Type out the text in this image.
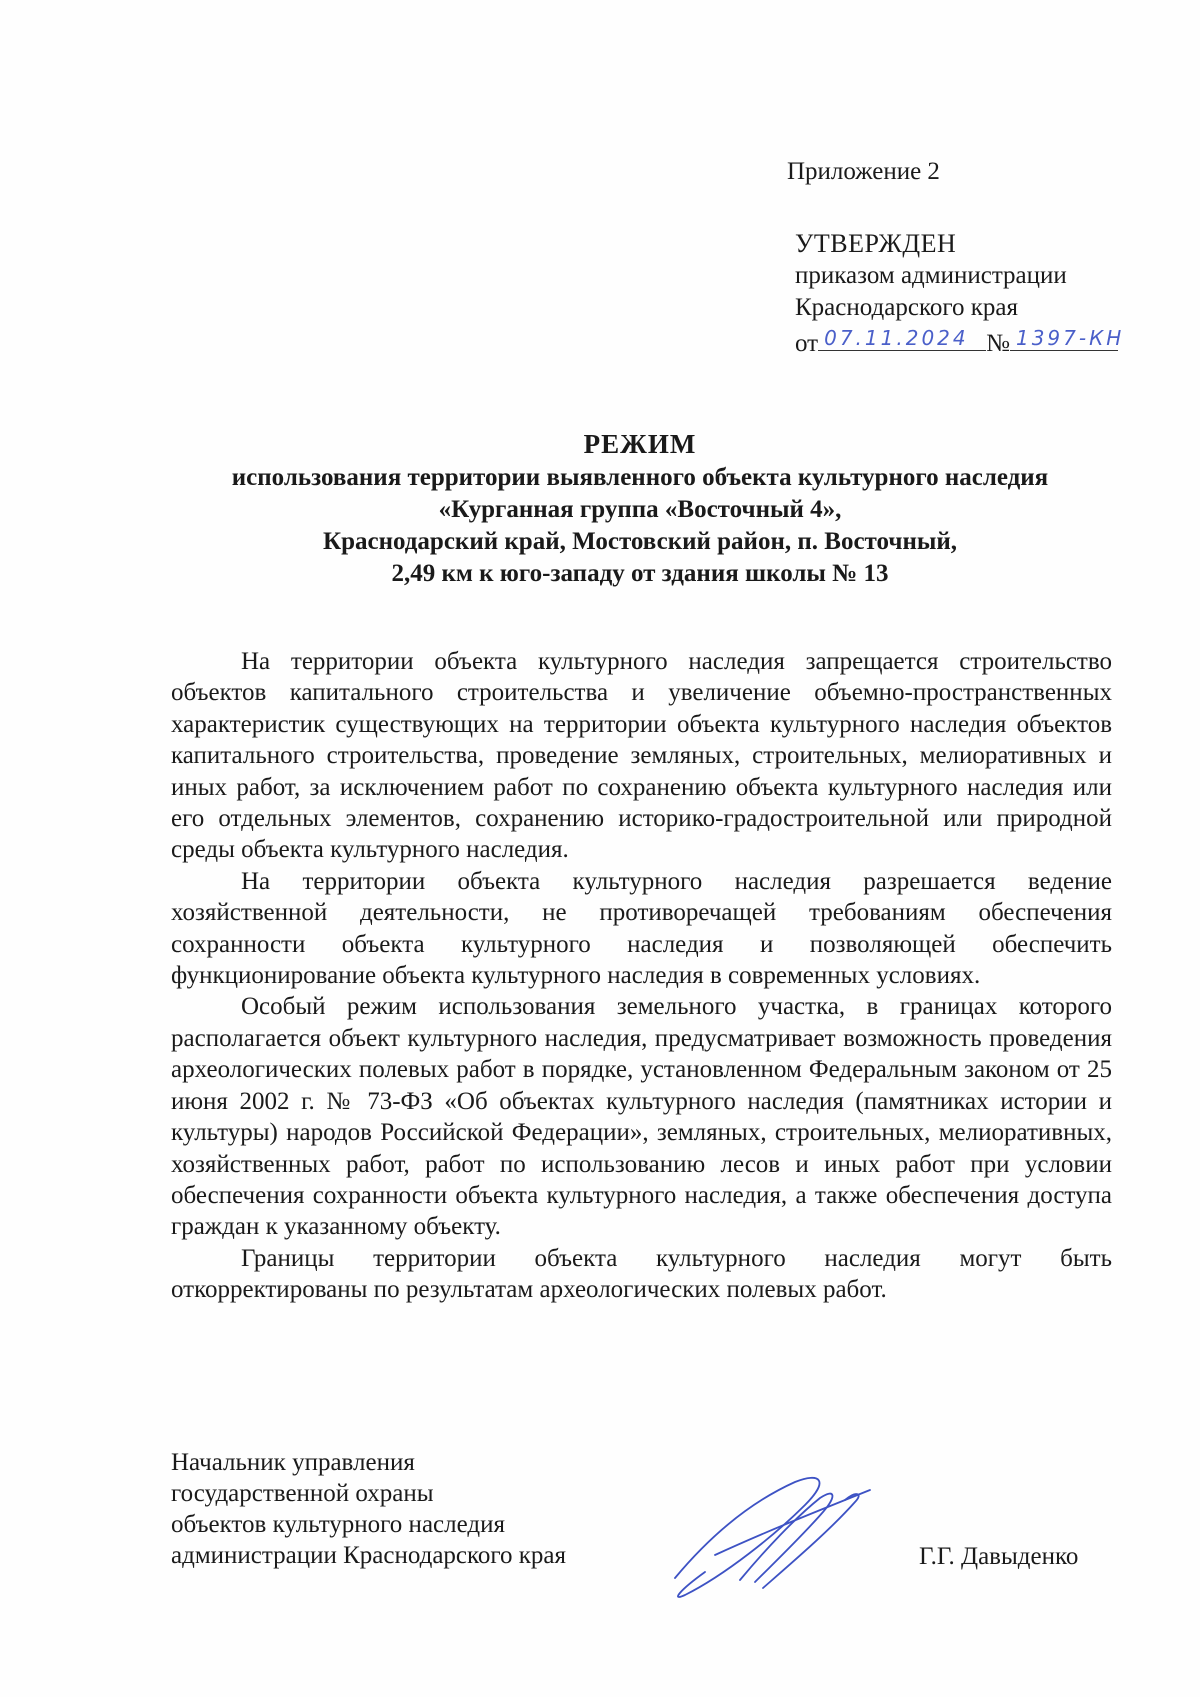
Приложение 2
УТВЕРЖДЕН
приказом администрации
Краснодарского края
от 07.11.2024 № 1397-КН
РЕЖИМ
использования территории выявленного объекта культурного наследия
«Курганная группа «Восточный 4»,
Краснодарский край, Мостовский район, п. Восточный,
2,49 км к юго-западу от здания школы № 13

На территории объекта культурного наследия запрещается строительство объектов капитального строительства и увеличение объемно-пространственных характеристик существующих на территории объекта культурного наследия объектов капитального строительства, проведение земляных, строительных, мелиоративных и иных работ, за исключением работ по сохранению объекта культурного наследия или его отдельных элементов, сохранению историко-градостроительной или природной среды объекта культурного наследия.

На территории объекта культурного наследия разрешается ведение хозяйственной деятельности, не противоречащей требованиям обеспечения сохранности объекта культурного наследия и позволяющей обеспечить функционирование объекта культурного наследия в современных условиях.

Особый режим использования земельного участка, в границах которого располагается объект культурного наследия, предусматривает возможность проведения археологических полевых работ в порядке, установленном Федеральным законом от 25 июня 2002 г. № 73-ФЗ «Об объектах культурного наследия (памятниках истории и культуры) народов Российской Федерации», земляных, строительных, мелиоративных, хозяйственных работ, работ по использованию лесов и иных работ при условии обеспечения сохранности объекта культурного наследия, а также обеспечения доступа граждан к указанному объекту.

Границы территории объекта культурного наследия могут быть откорректированы по результатам археологических полевых работ.

Начальник управления
государственной охраны
объектов культурного наследия
администрации Краснодарского края	Г.Г. Давыденко
